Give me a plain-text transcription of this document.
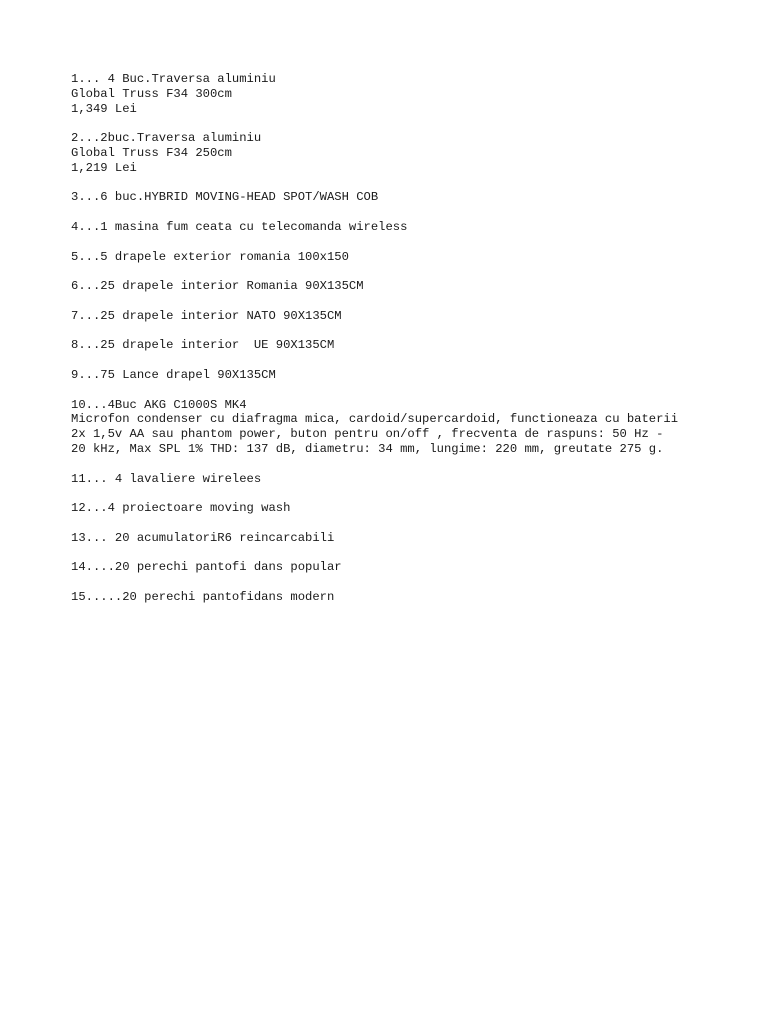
1... 4 Buc.Traversa aluminiu
Global Truss F34 300cm
1,349 Lei
2...2buc.Traversa aluminiu
Global Truss F34 250cm
1,219 Lei
3...6 buc.HYBRID MOVING-HEAD SPOT/WASH COB
4...1 masina fum ceata cu telecomanda wireless
5...5 drapele exterior romania 100x150
6...25 drapele interior Romania 90X135CM
7...25 drapele interior NATO 90X135CM
8...25 drapele interior  UE 90X135CM
9...75 Lance drapel 90X135CM
10...4Buc AKG C1000S MK4
Microfon condenser cu diafragma mica, cardoid/supercardoid, functioneaza cu baterii
2x 1,5v AA sau phantom power, buton pentru on/off , frecventa de raspuns: 50 Hz -
20 kHz, Max SPL 1% THD: 137 dB, diametru: 34 mm, lungime: 220 mm, greutate 275 g.
11... 4 lavaliere wirelees
12...4 proiectoare moving wash
13... 20 acumulatoriR6 reincarcabili
14....20 perechi pantofi dans popular
15.....20 perechi pantofidans modern
